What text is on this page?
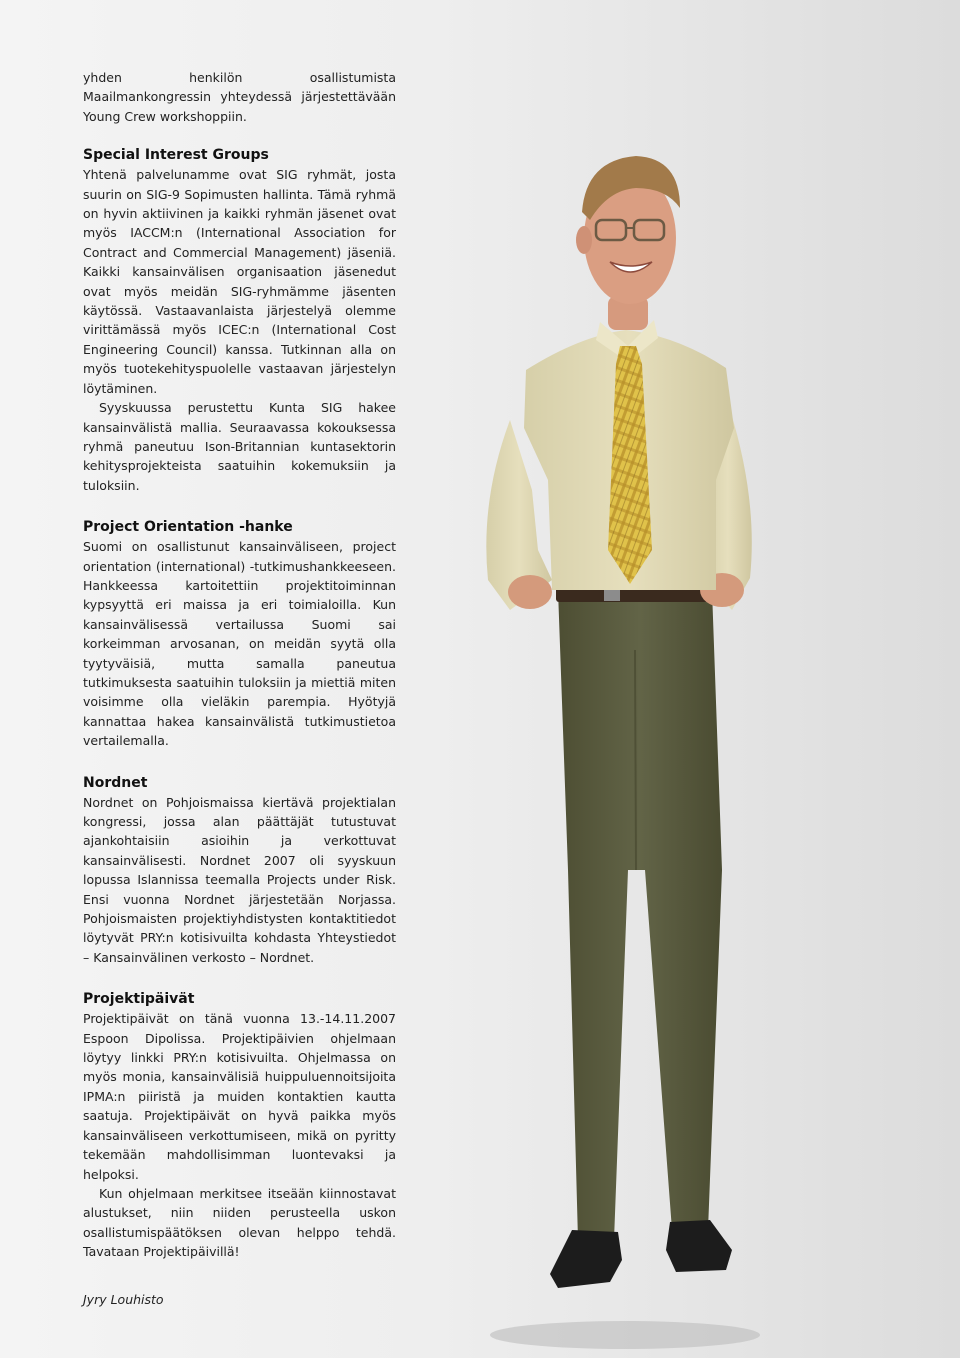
yhden henkilön osallistumista Maailmankongressin yhteydessä järjestettävään Young Crew workshoppiin.

Special Interest Groups

Yhtenä palvelunamme ovat SIG ryhmät, josta suurin on SIG-9 Sopimusten hallinta. Tämä ryhmä on hyvin aktiivinen ja kaikki ryhmän jäsenet ovat myös IACCM:n (International Association for Contract and Commercial Management) jäseniä. Kaikki kansainvälisen organisaation jäsenedut ovat myös meidän SIG-ryhmämme jäsenten käytössä. Vastaavanlaista järjestelyä olemme virittämässä myös ICEC:n (International Cost Engineering Council) kanssa. Tutkinnan alla on myös tuotekehityspuolelle vastaavan järjestelyn löytäminen.

Syyskuussa perustettu Kunta SIG hakee kansainvälistä mallia. Seuraavassa kokouksessa ryhmä paneutuu Ison-Britannian kuntasektorin kehitysprojekteista saatuihin kokemuksiin ja tuloksiin.

Project Orientation -hanke

Suomi on osallistunut kansainväliseen, project orientation (international) -tutkimushankkeeseen. Hankkeessa kartoitettiin projektitoiminnan kypsyyttä eri maissa ja eri toimialoilla. Kun kansainvälisessä vertailussa Suomi sai korkeimman arvosanan, on meidän syytä olla tyytyväisiä, mutta samalla paneutua tutkimuksesta saatuihin tuloksiin ja miettiä miten voisimme olla vieläkin parempia. Hyötyjä kannattaa hakea kansainvälistä tutkimustietoa vertailemalla.

Nordnet

Nordnet on Pohjoismaissa kiertävä projektialan kongressi, jossa alan päättäjät tutustuvat ajankohtaisiin asioihin ja verkottuvat kansainvälisesti. Nordnet 2007 oli syyskuun lopussa Islannissa teemalla Projects under Risk. Ensi vuonna Nordnet järjestetään Norjassa. Pohjoismaisten projektiyhdistysten kontaktitiedot löytyvät PRY:n kotisivuilta kohdasta Yhteystiedot – Kansainvälinen verkosto – Nordnet.

Projektipäivät

Projektipäivät on tänä vuonna 13.-14.11.2007 Espoon Dipolissa. Projektipäivien ohjelmaan löytyy linkki PRY:n kotisivuilta. Ohjelmassa on myös monia, kansainvälisiä huippuluennoitsijoita IPMA:n piiristä ja muiden kontaktien kautta saatuja. Projektipäivät on hyvä paikka myös kansainväliseen verkottumiseen, mikä on pyritty tekemään mahdollisimman luontevaksi ja helpoksi.

Kun ohjelmaan merkitsee itseään kiinnostavat alustukset, niin niiden perusteella uskon osallistumispäätöksen olevan helppo tehdä. Tavataan Projektipäivillä!

Jyry Louhisto
